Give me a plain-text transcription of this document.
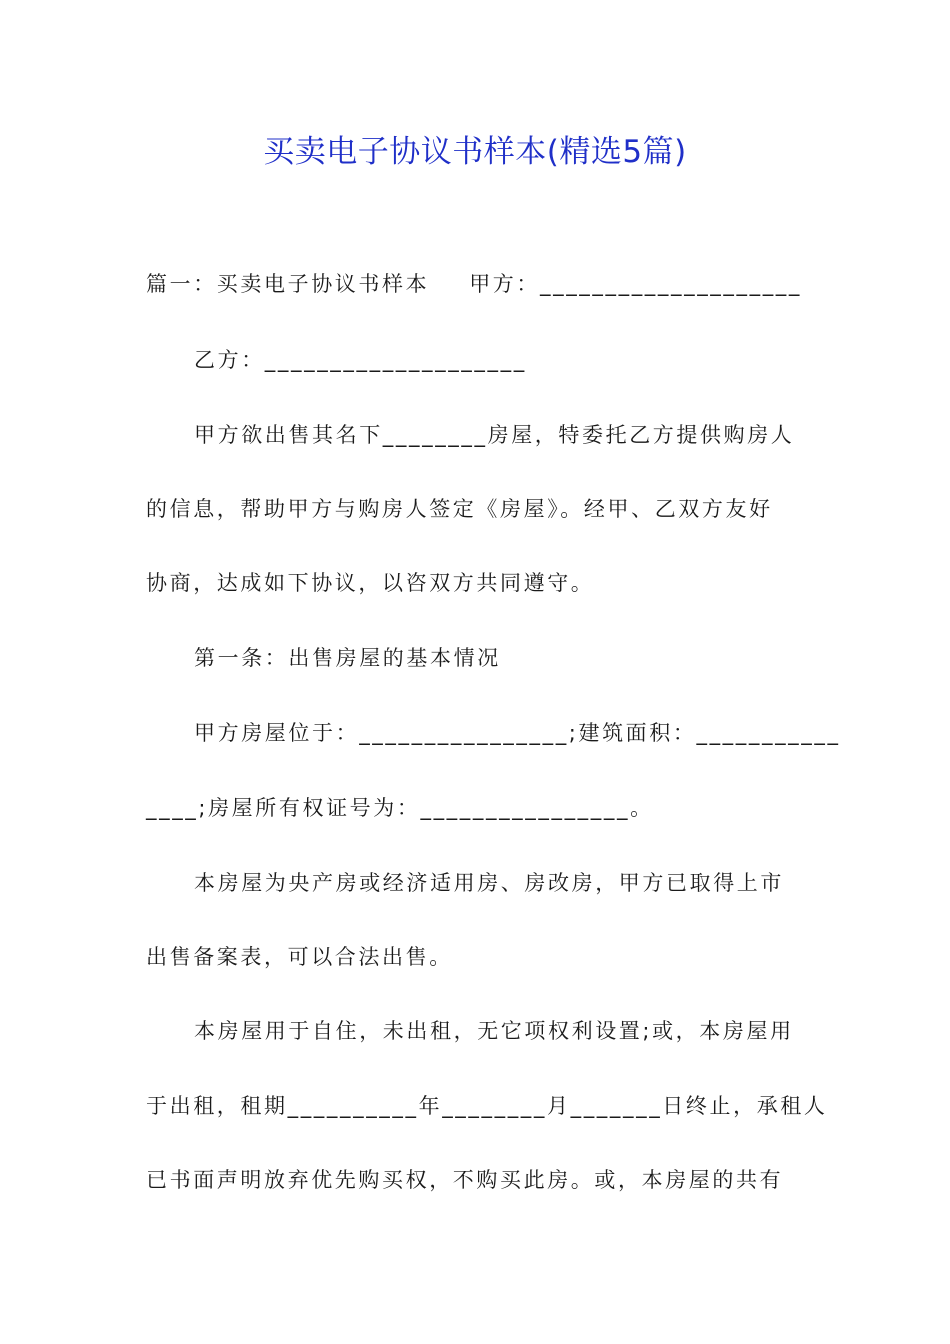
买卖电子协议书样本(精选5篇)
篇一：买卖电子协议书样本 甲方：____________________
乙方：____________________
甲方欲出售其名下________房屋，特委托乙方提供购房人
的信息，帮助甲方与购房人签定《房屋》。经甲、乙双方友好
协商，达成如下协议，以咨双方共同遵守。
第一条：出售房屋的基本情况
甲方房屋位于：________________;建筑面积：___________
____;房屋所有权证号为：________________。
本房屋为央产房或经济适用房、房改房，甲方已取得上市
出售备案表，可以合法出售。
本房屋用于自住，未出租，无它项权利设置;或，本房屋用
于出租，租期__________年________月_______日终止，承租人
已书面声明放弃优先购买权，不购买此房。或，本房屋的共有
